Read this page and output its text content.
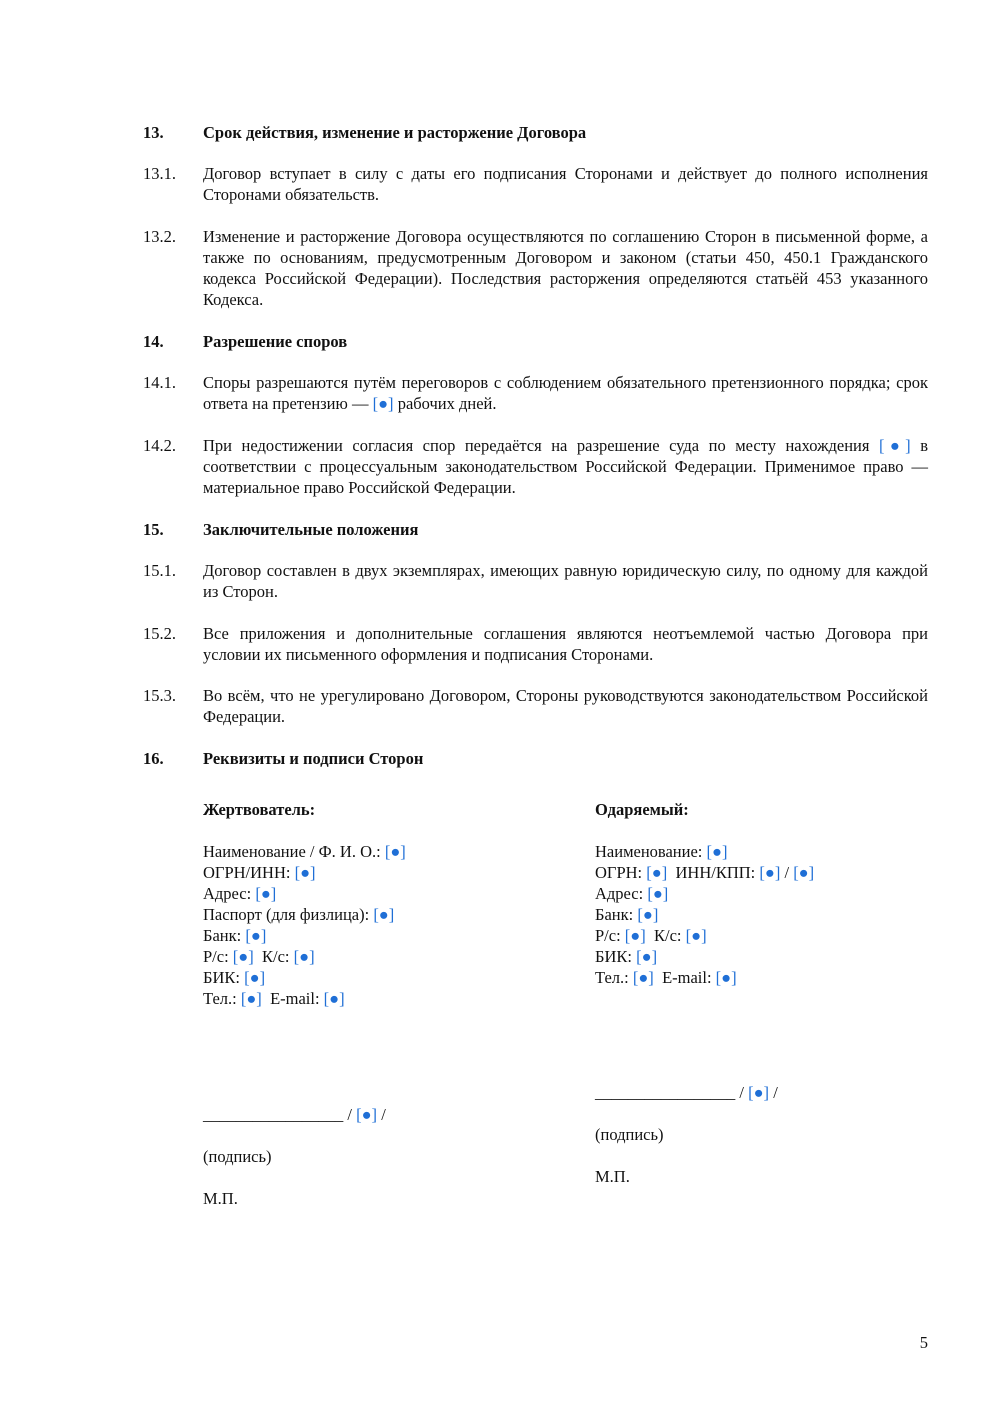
13. Срок действия, изменение и расторжение Договора
13.1. Договор вступает в силу с даты его подписания Сторонами и действует до полного исполнения Сторонами обязательств.
13.2. Изменение и расторжение Договора осуществляются по соглашению Сторон в письменной форме, а также по основаниям, предусмотренным Договором и законом (статьи 450, 450.1 Гражданского кодекса Российской Федерации). Последствия расторжения определяются статьёй 453 указанного Кодекса.
14. Разрешение споров
14.1. Споры разрешаются путём переговоров с соблюдением обязательного претензионного порядка; срок ответа на претензию — [●] рабочих дней.
14.2. При недостижении согласия спор передаётся на разрешение суда по месту нахождения [●] в соответствии с процессуальным законодательством Российской Федерации. Применимое право — материальное право Российской Федерации.
15. Заключительные положения
15.1. Договор составлен в двух экземплярах, имеющих равную юридическую силу, по одному для каждой из Сторон.
15.2. Все приложения и дополнительные соглашения являются неотъемлемой частью Договора при условии их письменного оформления и подписания Сторонами.
15.3. Во всём, что не урегулировано Договором, Стороны руководствуются законодательством Российской Федерации.
16. Реквизиты и подписи Сторон
Жертвователь:
Наименование / Ф. И. О.: [●]
ОГРН/ИНН: [●]
Адрес: [●]
Паспорт (для физлица): [●]
Банк: [●]
Р/с: [●]  К/с: [●]
БИК: [●]
Тел.: [●]  E-mail: [●]
_________________ / [●] /
(подпись)
М.П.
Одаряемый:
Наименование: [●]
ОГРН: [●]  ИНН/КПП: [●] / [●]
Адрес: [●]
Банк: [●]
Р/с: [●]  К/с: [●]
БИК: [●]
Тел.: [●]  E-mail: [●]
_________________ / [●] /
(подпись)
М.П.
5
